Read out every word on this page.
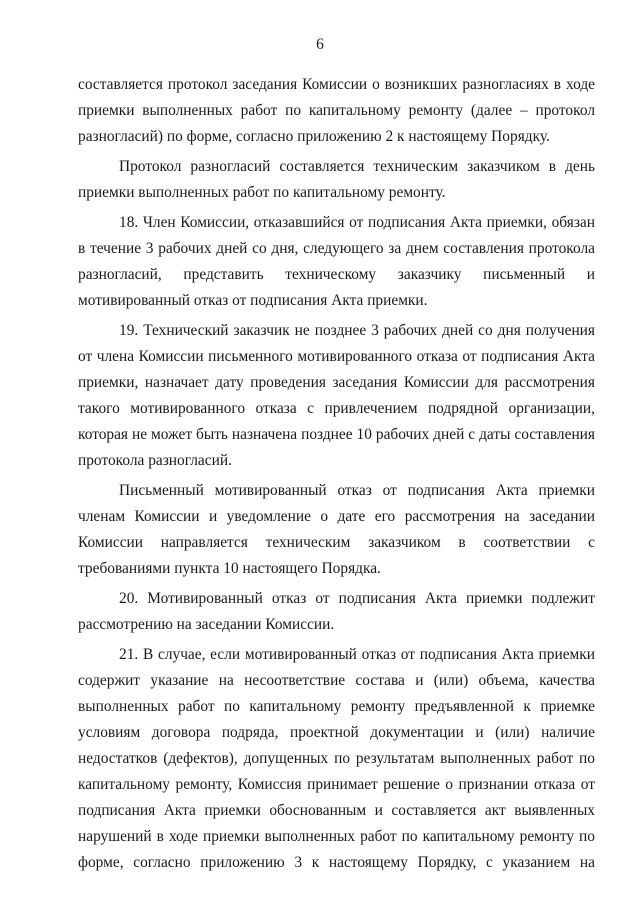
6

составляется протокол заседания Комиссии о возникших разногласиях в ходе приемки выполненных работ по капитальному ремонту (далее – протокол разногласий) по форме, согласно приложению 2 к настоящему Порядку.

Протокол разногласий составляется техническим заказчиком в день приемки выполненных работ по капитальному ремонту.

18. Член Комиссии, отказавшийся от подписания Акта приемки, обязан в течение 3 рабочих дней со дня, следующего за днем составления протокола разногласий, представить техническому заказчику письменный и мотивированный отказ от подписания Акта приемки.

19. Технический заказчик не позднее 3 рабочих дней со дня получения от члена Комиссии письменного мотивированного отказа от подписания Акта приемки, назначает дату проведения заседания Комиссии для рассмотрения такого мотивированного отказа с привлечением подрядной организации, которая не может быть назначена позднее 10 рабочих дней с даты составления протокола разногласий.

Письменный мотивированный отказ от подписания Акта приемки членам Комиссии и уведомление о дате его рассмотрения на заседании Комиссии направляется техническим заказчиком в соответствии с требованиями пункта 10 настоящего Порядка.

20. Мотивированный отказ от подписания Акта приемки подлежит рассмотрению на заседании Комиссии.

21. В случае, если мотивированный отказ от подписания Акта приемки содержит указание на несоответствие состава и (или) объема, качества выполненных работ по капитальному ремонту предъявленной к приемке условиям договора подряда, проектной документации и (или) наличие недостатков (дефектов), допущенных по результатам выполненных работ по капитальному ремонту, Комиссия принимает решение о признании отказа от подписания Акта приемки обоснованным и составляется акт выявленных нарушений в ходе приемки выполненных работ по капитальному ремонту по форме, согласно приложению 3 к настоящему Порядку, с указанием на
